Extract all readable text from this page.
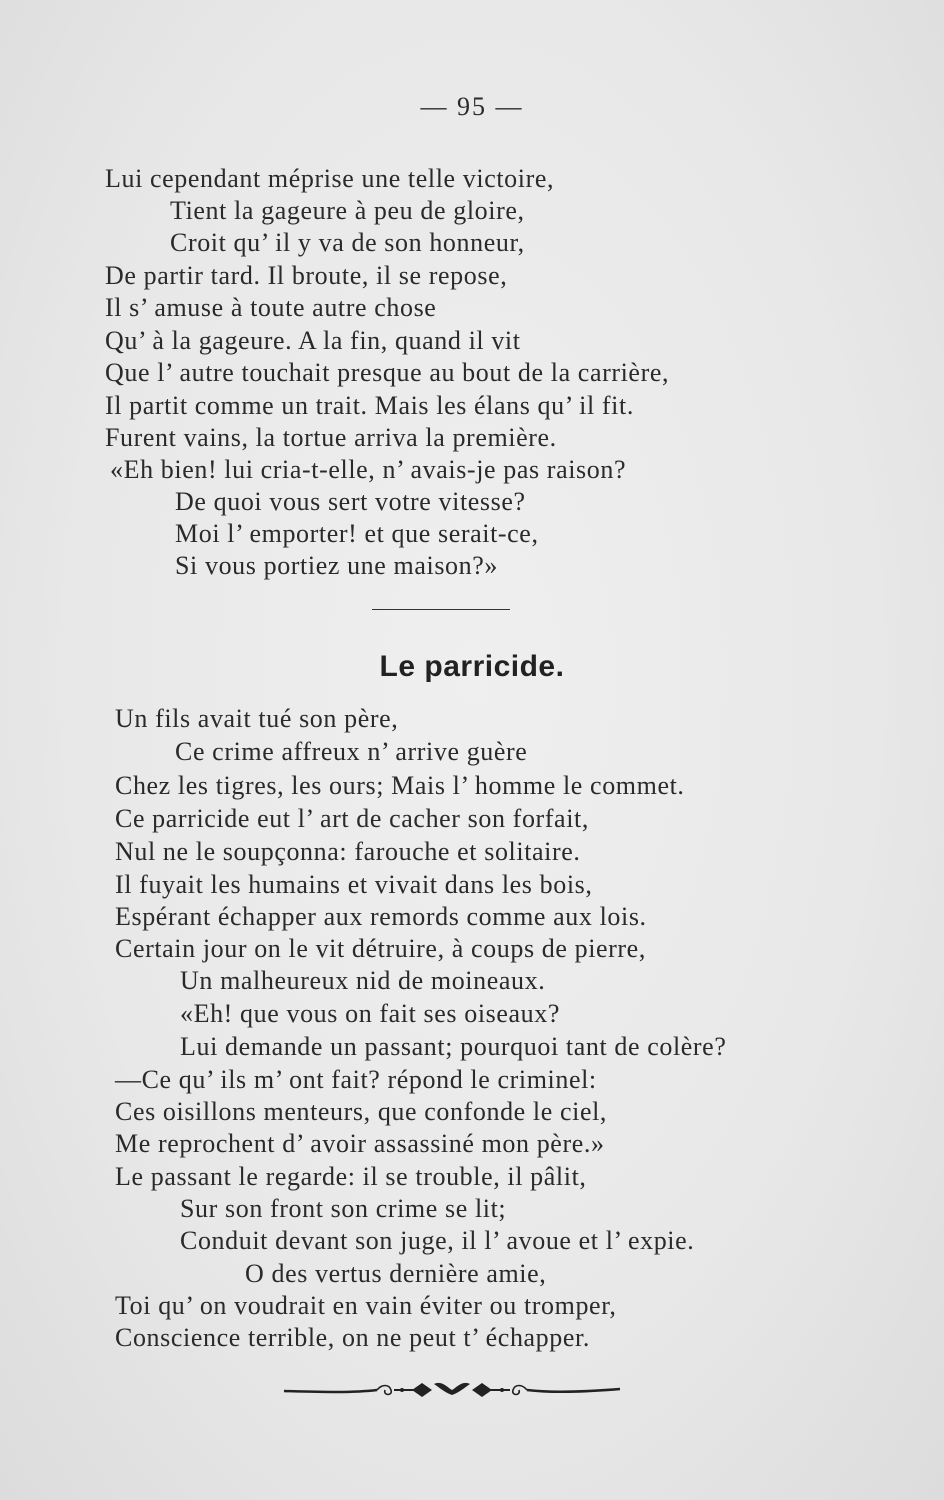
— 95 —
Lui cependant méprise une telle victoire,
Tient la gageure à peu de gloire,
Croit qu’ il y va de son honneur,
De partir tard. Il broute, il se repose,
Il s’ amuse à toute autre chose
Qu’ à la gageure. A la fin, quand il vit
Que l’ autre touchait presque au bout de la carrière,
Il partit comme un trait. Mais les élans qu’ il fit.
Furent vains, la tortue arriva la première.
«Eh bien! lui cria-t-elle, n’ avais-je pas raison?
De quoi vous sert votre vitesse?
Moi l’ emporter! et que serait-ce,
Si vous portiez une maison?»
Le parricide.
Un fils avait tué son père,
Ce crime affreux n’ arrive guère
Chez les tigres, les ours; Mais l’ homme le commet.
Ce parricide eut l’ art de cacher son forfait,
Nul ne le soupçonna: farouche et solitaire.
Il fuyait les humains et vivait dans les bois,
Espérant échapper aux remords comme aux lois.
Certain jour on le vit détruire, à coups de pierre,
Un malheureux nid de moineaux.
«Eh! que vous on fait ses oiseaux?
Lui demande un passant; pourquoi tant de colère?
—Ce qu’ ils m’ ont fait? répond le criminel:
Ces oisillons menteurs, que confonde le ciel,
Me reprochent d’ avoir assassiné mon père.»
Le passant le regarde: il se trouble, il pâlit,
Sur son front son crime se lit;
Conduit devant son juge, il l’ avoue et l’ expie.
O des vertus dernière amie,
Toi qu’ on voudrait en vain éviter ou tromper,
Conscience terrible, on ne peut t’ échapper.
